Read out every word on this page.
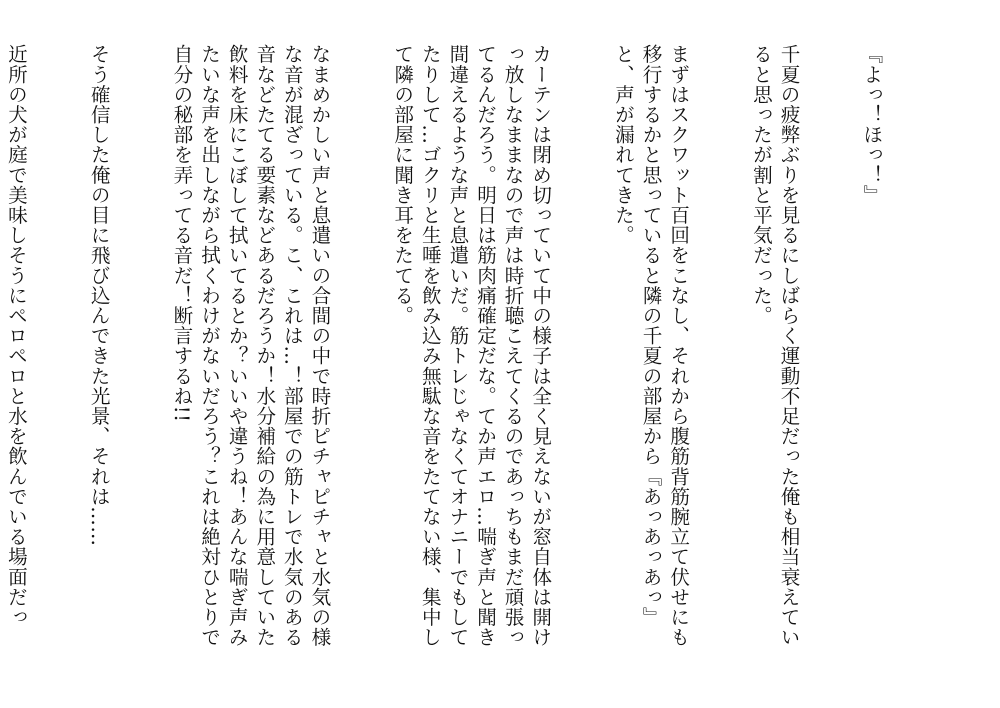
『よっ！ほっ！』

千夏の疲弊ぶりを見るにしばらく運動不足だった俺も相当衰えていると思ったが割と平気だった。

まずはスクワット百回をこなし、それから腹筋背筋腕立て伏せにも移行するかと思っていると隣の千夏の部屋から『あっあっあっ』と、声が漏れてきた。

カーテンは閉め切っていて中の様子は全く見えないが窓自体は開けっ放しなままなので声は時折聴こえてくるのであっちもまだ頑張ってるんだろう。明日は筋肉痛確定だな。てか声エロ…喘ぎ声と聞き間違えるような声と息遣いだ。筋トレじゃなくてオナニーでもしてたりして…ゴクリと生唾を飲み込み無駄な音をたてない様、集中して隣の部屋に聞き耳をたてる。

なまめかしい声と息遣いの合間の中で時折ピチャピチャと水気の様な音が混ざっている。こ、これは…！部屋での筋トレで水気のある音などたてる要素などあるだろうか！水分補給の為に用意していた飲料を床にこぼして拭いてるとか？いいや違うね！あんな喘ぎ声みたいな声を出しながら拭くわけがないだろう？これは絶対ひとりで自分の秘部を弄ってる音だ！断言するね!!

そう確信した俺の目に飛び込んできた光景、それは……

近所の犬が庭で美味しそうにペロペロと水を飲んでいる場面だっ
